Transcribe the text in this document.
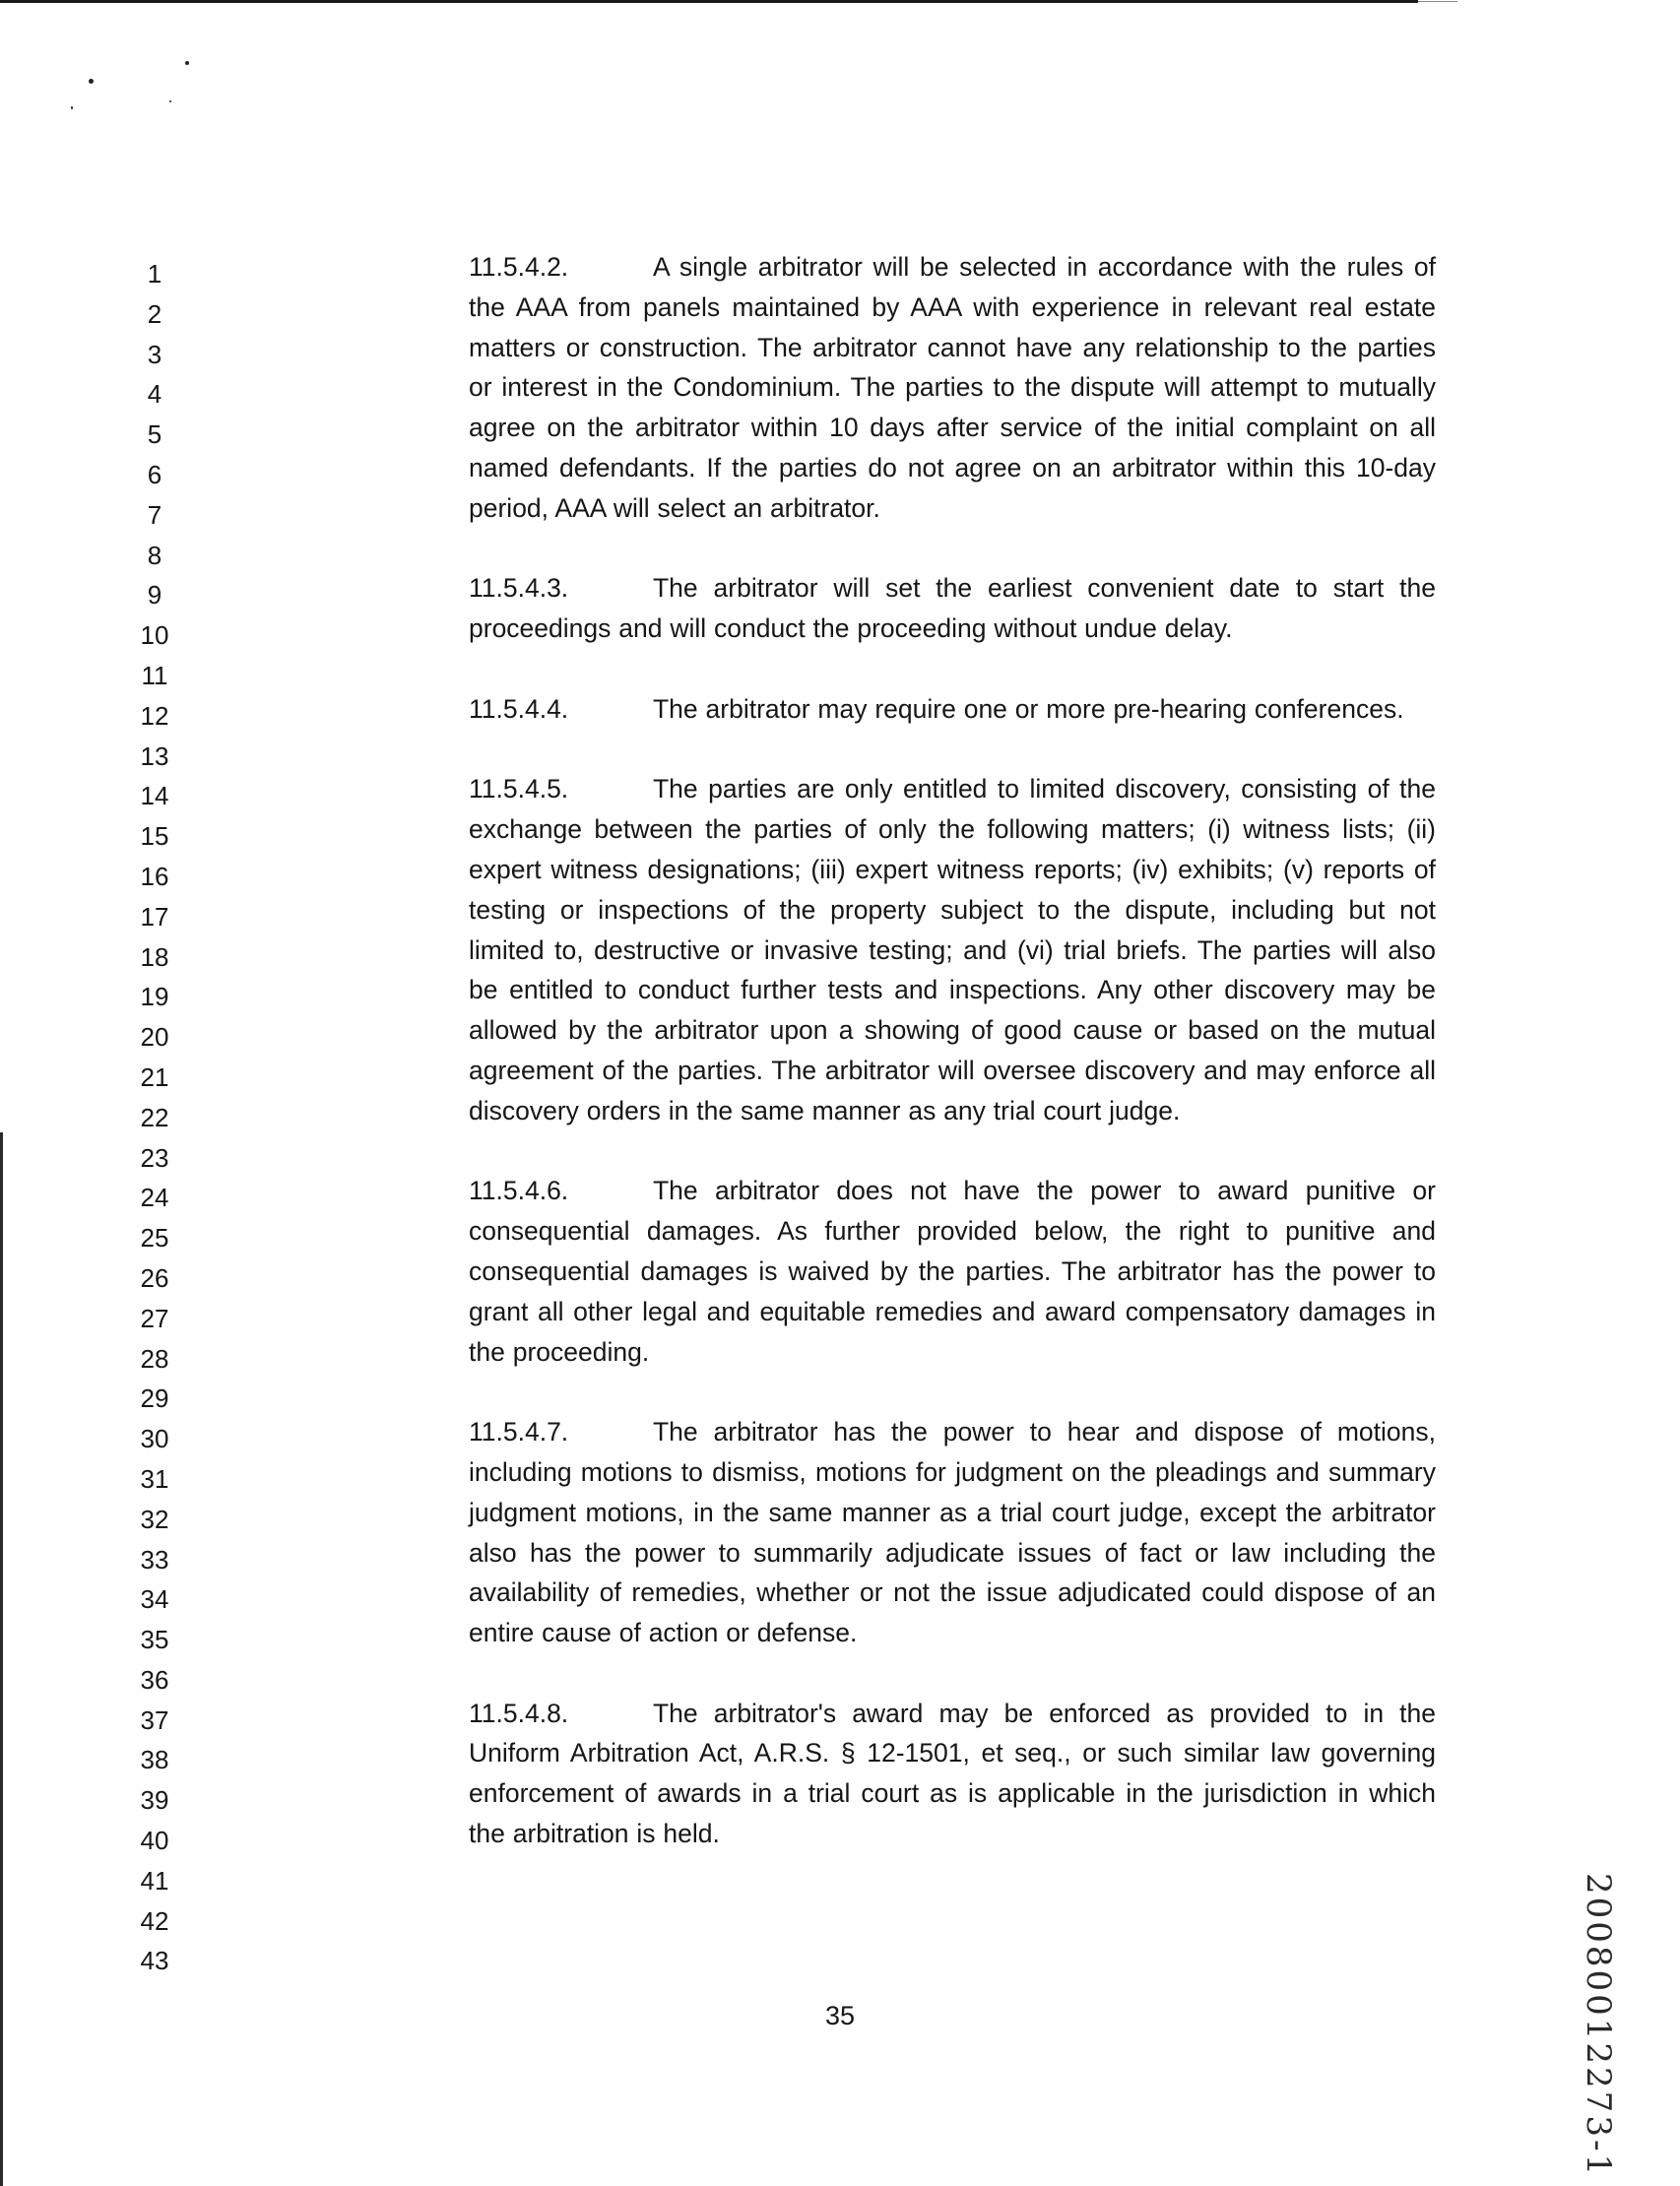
1
2
3
4
5
6
7
8
9
10
11
12
13
14
15
16
17
18
19
20
21
22
23
24
25
26
27
28
29
30
31
32
33
34
35
36
37
38
39
40
41
42
43

11.5.4.2.	A single arbitrator will be selected in accordance with the rules of the AAA from panels maintained by AAA with experience in relevant real estate matters or construction. The arbitrator cannot have any relationship to the parties or interest in the Condominium. The parties to the dispute will attempt to mutually agree on the arbitrator within 10 days after service of the initial complaint on all named defendants. If the parties do not agree on an arbitrator within this 10-day period, AAA will select an arbitrator.

11.5.4.3.	The arbitrator will set the earliest convenient date to start the proceedings and will conduct the proceeding without undue delay.

11.5.4.4.	The arbitrator may require one or more pre-hearing conferences.

11.5.4.5.	The parties are only entitled to limited discovery, consisting of the exchange between the parties of only the following matters; (i) witness lists; (ii) expert witness designations; (iii) expert witness reports; (iv) exhibits; (v) reports of testing or inspections of the property subject to the dispute, including but not limited to, destructive or invasive testing; and (vi) trial briefs. The parties will also be entitled to conduct further tests and inspections. Any other discovery may be allowed by the arbitrator upon a showing of good cause or based on the mutual agreement of the parties. The arbitrator will oversee discovery and may enforce all discovery orders in the same manner as any trial court judge.

11.5.4.6.	The arbitrator does not have the power to award punitive or consequential damages. As further provided below, the right to punitive and consequential damages is waived by the parties. The arbitrator has the power to grant all other legal and equitable remedies and award compensatory damages in the proceeding.

11.5.4.7.	The arbitrator has the power to hear and dispose of motions, including motions to dismiss, motions for judgment on the pleadings and summary judgment motions, in the same manner as a trial court judge, except the arbitrator also has the power to summarily adjudicate issues of fact or law including the availability of remedies, whether or not the issue adjudicated could dispose of an entire cause of action or defense.

11.5.4.8.	The arbitrator's award may be enforced as provided to in the Uniform Arbitration Act, A.R.S. § 12-1501, et seq., or such similar law governing enforcement of awards in a trial court as is applicable in the jurisdiction in which the arbitration is held.

35	20080012273-1
